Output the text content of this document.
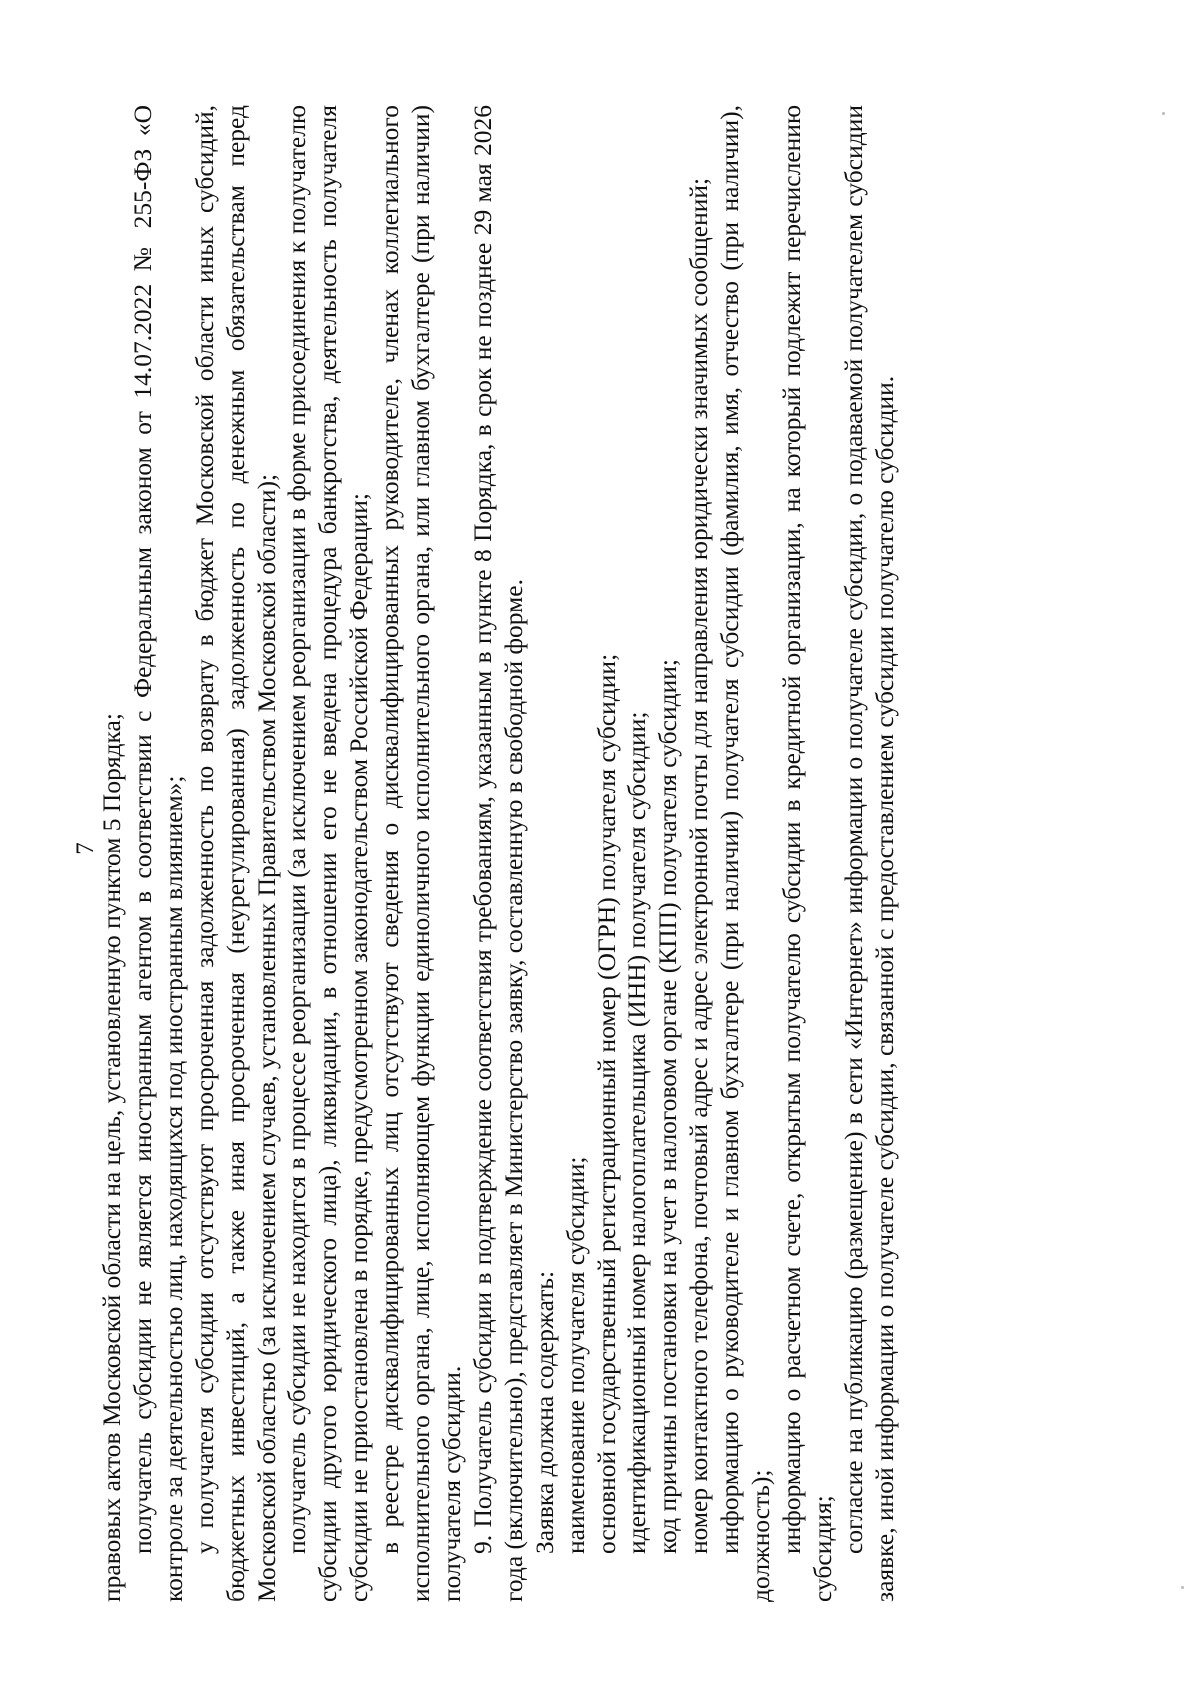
7

правовых актов Московской области на цель, установленную пунктом 5 Порядка; получатель субсидии не является иностранным агентом в соответствии с Федеральным законом от 14.07.2022 № 255-ФЗ «О контроле за деятельностью лиц, находящихся под иностранным влиянием»; у получателя субсидии отсутствуют просроченная задолженность по возврату в бюджет Московской области иных субсидий, бюджетных инвестиций, а также иная просроченная (неурегулированная) задолженность по денежным обязательствам перед Московской областью (за исключением случаев, установленных Правительством Московской области); получатель субсидии не находится в процессе реорганизации (за исключением реорганизации в форме присоединения к получателю субсидии другого юридического лица), ликвидации, в отношении его не введена процедура банкротства, деятельность получателя субсидии не приостановлена в порядке, предусмотренном законодательством Российской Федерации; в реестре дисквалифицированных лиц отсутствуют сведения о дисквалифицированных руководителе, членах коллегиального исполнительного органа, лице, исполняющем функции единоличного исполнительного органа, или главном бухгалтере (при наличии) получателя субсидии. 9. Получатель субсидии в подтверждение соответствия требованиям, указанным в пункте 8 Порядка, в срок не позднее 29 мая 2026 года (включительно), представляет в Министерство заявку, составленную в свободной форме. Заявка должна содержать: наименование получателя субсидии; основной государственный регистрационный номер (ОГРН) получателя субсидии; идентификационный номер налогоплательщика (ИНН) получателя субсидии; код причины постановки на учет в налоговом органе (КПП) получателя субсидии; номер контактного телефона, почтовый адрес и адрес электронной почты для направления юридически значимых сообщений; информацию о руководителе и главном бухгалтере (при наличии) получателя субсидии (фамилия, имя, отчество (при наличии), должность); информацию о расчетном счете, открытым получателю субсидии в кредитной организации, на который подлежит перечислению субсидия; согласие на публикацию (размещение) в сети «Интернет» информации о получателе субсидии, о подаваемой получателем субсидии заявке, иной информации о получателе субсидии, связанной с предоставлением субсидии получателю субсидии.
